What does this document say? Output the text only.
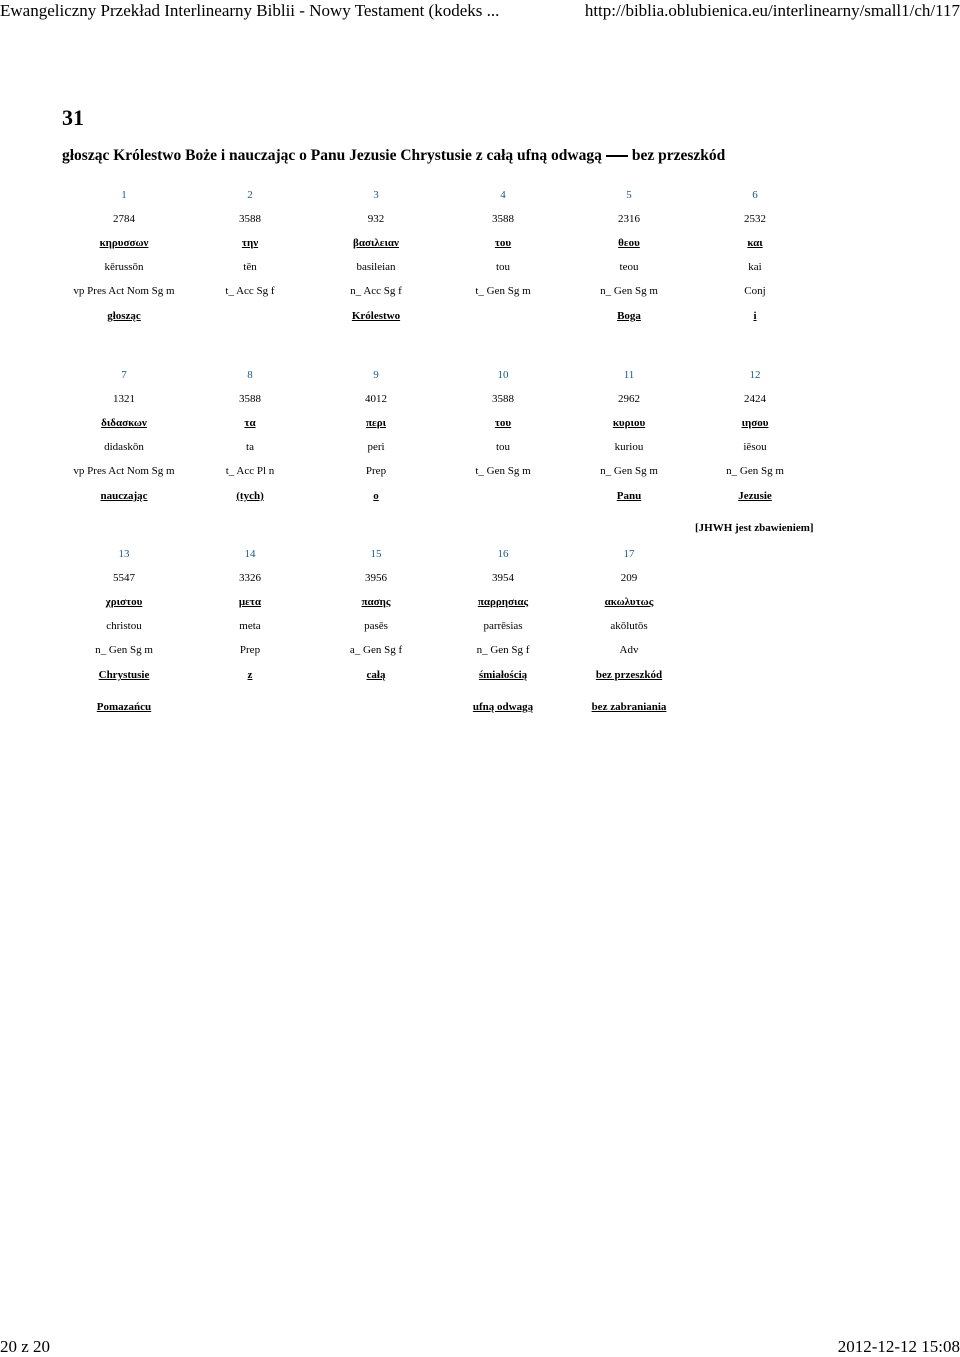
Ewangeliczny Przekład Interlinearny Biblii - Nowy Testament (kodeks ...	http://biblia.oblubienica.eu/interlinearny/small1/ch/117
31
głosząc Królestwo Boże i nauczając o Panu Jezusie Chrystusie z całą ufną odwagą bez przeszkód
1
2784
κηρυσσων
kērussōn
vp Pres Act Nom Sg m
głosząc
2
3588
την
tēn
t_ Acc Sg f
3
932
βασιλειαν
basileian
n_ Acc Sg f
Królestwo
4
3588
του
tou
t_ Gen Sg m
5
2316
θεου
teou
n_ Gen Sg m
Boga
6
2532
και
kai
Conj
i
7
1321
διδασκων
didaskōn
vp Pres Act Nom Sg m
nauczając
8
3588
τα
ta
t_ Acc Pl n
(tych)
9
4012
περι
peri
Prep
o
10
3588
του
tou
t_ Gen Sg m
11
2962
κυριου
kuriou
n_ Gen Sg m
Panu
12
2424
ιησου
iēsou
n_ Gen Sg m
Jezusie
13
5547
χριστου
christou
n_ Gen Sg m
Chrystusie
Pomazańcu
14
3326
μετα
meta
Prep
z
15
3956
πασης
pasēs
a_ Gen Sg f
całą
16
3954
παρρησιας
parrēsias
n_ Gen Sg f
śmiałością
ufną odwagą
17
209
ακωλυτως
akōlutōs
Adv
bez przeszkód
bez zabraniania
[JHWH jest zbawieniem]
20 z 20	2012-12-12 15:08
